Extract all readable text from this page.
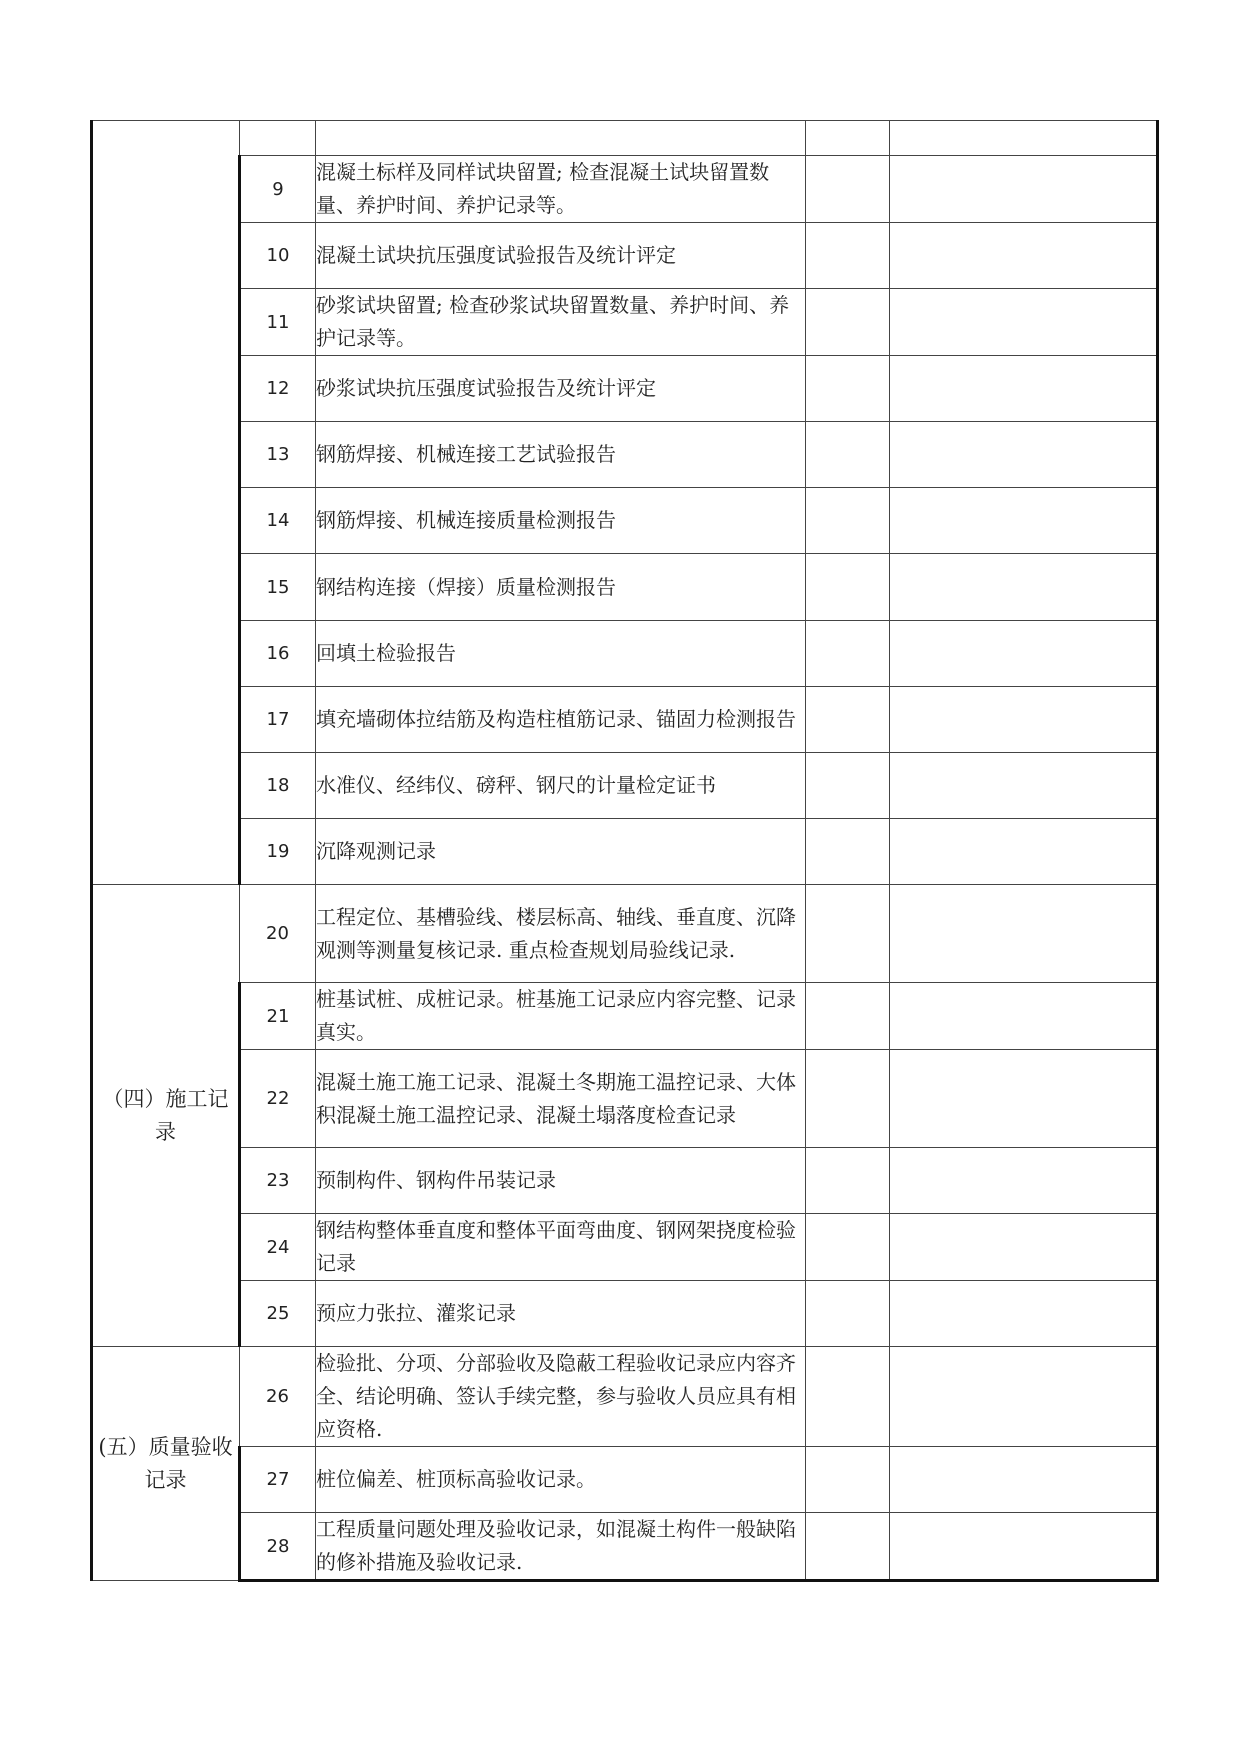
	9	混凝土标样及同样试块留置; 检查混凝土试块留置数量、养护时间、养护记录等。		
	10	混凝土试块抗压强度试验报告及统计评定		
	11	砂浆试块留置; 检查砂浆试块留置数量、养护时间、养护记录等。		
	12	砂浆试块抗压强度试验报告及统计评定		
	13	钢筋焊接、机械连接工艺试验报告		
	14	钢筋焊接、机械连接质量检测报告		
	15	钢结构连接（焊接）质量检测报告		
	16	回填土检验报告		
	17	填充墙砌体拉结筋及构造柱植筋记录、锚固力检测报告		
	18	水准仪、经纬仪、磅秤、钢尺的计量检定证书		
	19	沉降观测记录		
（四）施工记录	20	工程定位、基槽验线、楼层标高、轴线、垂直度、沉降观测等测量复核记录. 重点检查规划局验线记录.		
	21	桩基试桩、成桩记录。桩基施工记录应内容完整、记录真实。		
	22	混凝土施工施工记录、混凝土冬期施工温控记录、大体积混凝土施工温控记录、混凝土塌落度检查记录		
	23	预制构件、钢构件吊装记录		
	24	钢结构整体垂直度和整体平面弯曲度、钢网架挠度检验记录		
	25	预应力张拉、灌浆记录		
(五）质量验收记录	26	检验批、分项、分部验收及隐蔽工程验收记录应内容齐全、结论明确、签认手续完整，参与验收人员应具有相应资格.		
	27	桩位偏差、桩顶标高验收记录。		
	28	工程质量问题处理及验收记录，如混凝土构件一般缺陷的修补措施及验收记录.		
